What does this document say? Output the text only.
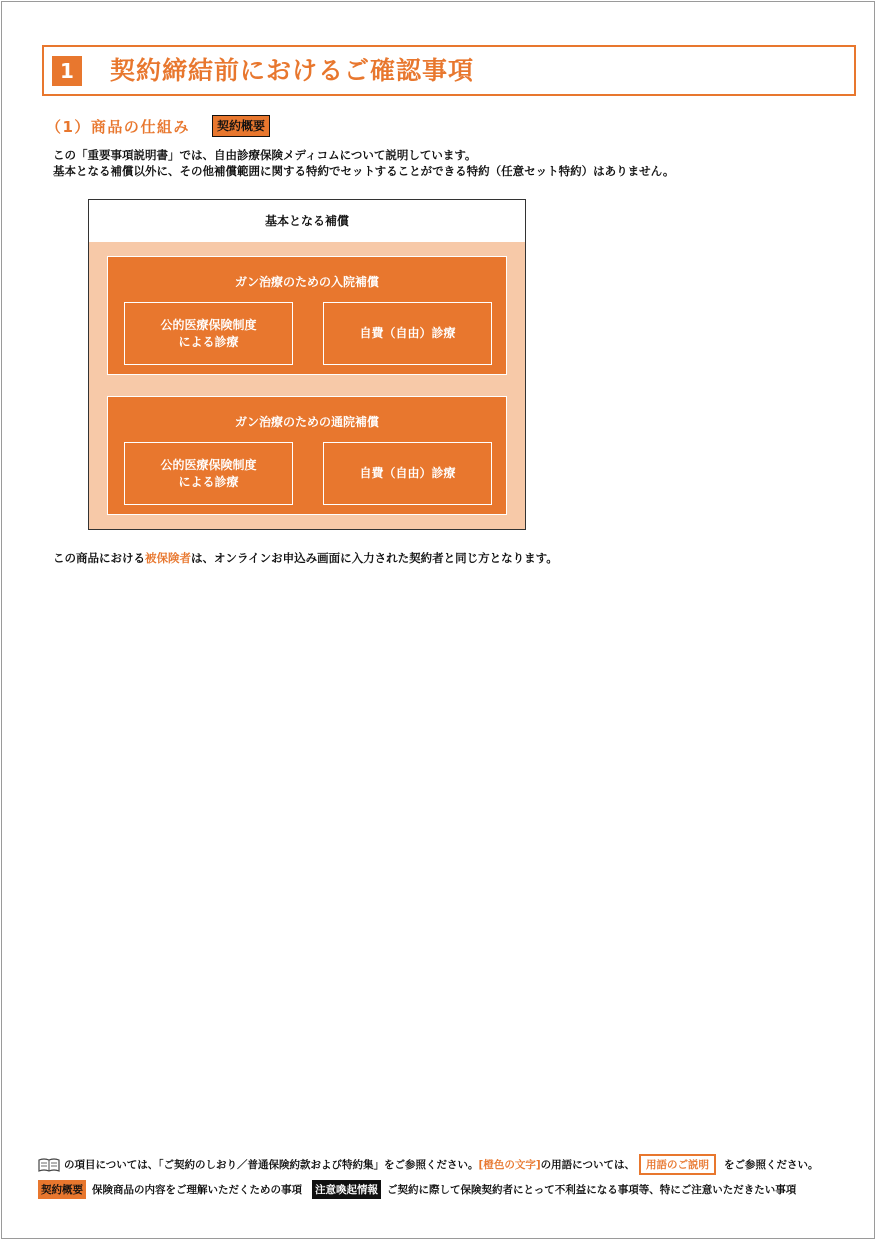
1	契約締結前におけるご確認事項
（1）商品の仕組み	契約概要
この「重要事項説明書」では、自由診療保険メディコムについて説明しています。
基本となる補償以外に、その他補償範囲に関する特約でセットすることができる特約（任意セット特約）はありません。
基本となる補償
ガン治療のための入院補償
公的医療保険制度
による診療
自費（自由）診療
ガン治療のための通院補償
公的医療保険制度
による診療
自費（自由）診療
この商品における被保険者は、オンラインお申込み画面に入力された契約者と同じ方となります。
の項目については、「ご契約のしおり／普通保険約款および特約集」をご参照ください。 [橙色の文字] の用語については、	用語のご説明	をご参照ください。
契約概要 保険商品の内容をご理解いただくための事項 注意喚起情報 ご契約に際して保険契約者にとって不利益になる事項等、特にご注意いただきたい事項
